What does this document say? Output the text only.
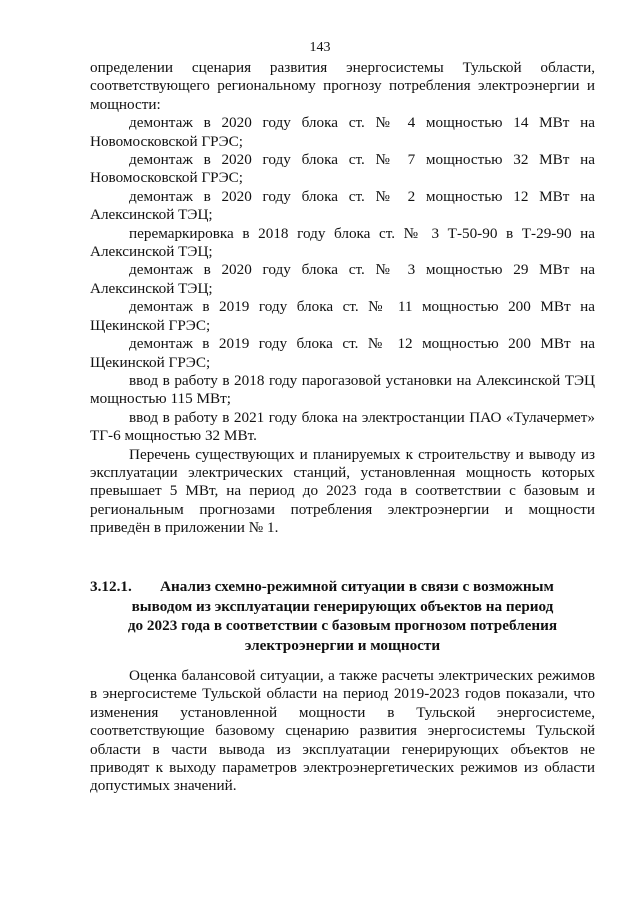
143

определении сценария развития энергосистемы Тульской области, соответствующего региональному прогнозу потребления электроэнергии и мощности:

демонтаж в 2020 году блока ст. № 4 мощностью 14 МВт на Новомосковской ГРЭС;

демонтаж в 2020 году блока ст. № 7 мощностью 32 МВт на Новомосковской ГРЭС;

демонтаж в 2020 году блока ст. № 2 мощностью 12 МВт на Алексинской ТЭЦ;

перемаркировка в 2018 году блока ст. № 3 Т-50-90 в Т-29-90 на Алексинской ТЭЦ;

демонтаж в 2020 году блока ст. № 3 мощностью 29 МВт на Алексинской ТЭЦ;

демонтаж в 2019 году блока ст. № 11 мощностью 200 МВт на Щекинской ГРЭС;

демонтаж в 2019 году блока ст. № 12 мощностью 200 МВт на Щекинской ГРЭС;

ввод в работу в 2018 году парогазовой установки на Алексинской ТЭЦ мощностью 115 МВт;

ввод в работу в 2021 году блока на электростанции ПАО «Тулачермет» ТГ-6 мощностью 32 МВт.

Перечень существующих и планируемых к строительству и выводу из эксплуатации электрических станций, установленная мощность которых превышает 5 МВт, на период до 2023 года в соответствии с базовым и региональным прогнозами потребления электроэнергии и мощности приведён в приложении № 1.

3.12.1.	Анализ схемно-режимной ситуации в связи с возможным
выводом из эксплуатации генерирующих объектов на период
до 2023 года в соответствии с базовым прогнозом потребления
электроэнергии и мощности

Оценка балансовой ситуации, а также расчеты электрических режимов в энергосистеме Тульской области на период 2019-2023 годов показали, что изменения установленной мощности в Тульской энергосистеме, соответствующие базовому сценарию развития энергосистемы Тульской области в части вывода из эксплуатации генерирующих объектов не приводят к выходу параметров электроэнергетических режимов из области допустимых значений.
